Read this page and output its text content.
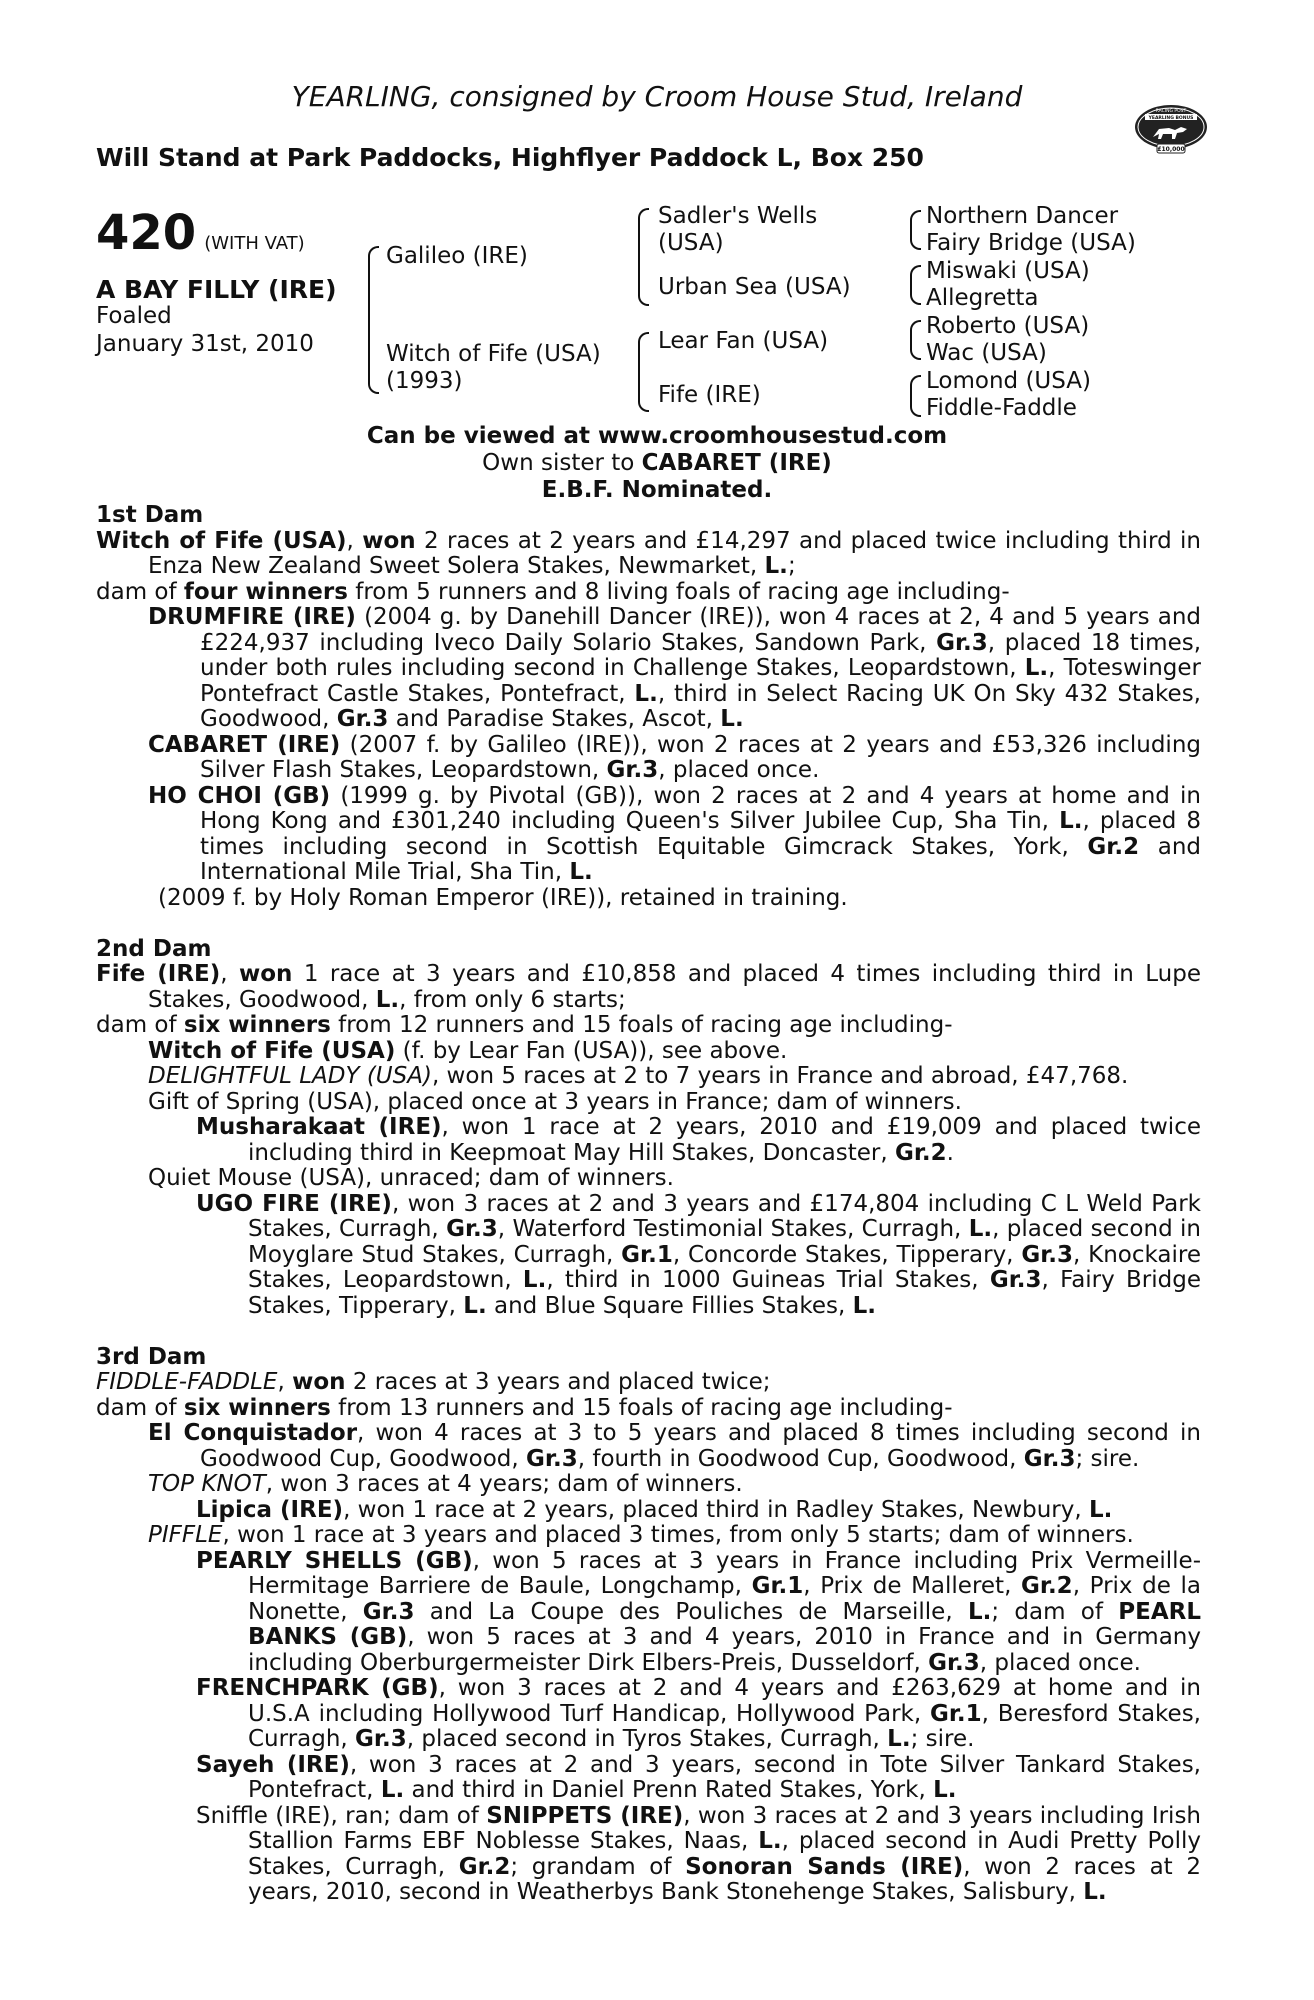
YEARLING, consigned by Croom House Stud, Ireland
Will Stand at Park Paddocks, Highflyer Paddock L, Box 250
RACING POST
YEARLING BONUS
£10,000
420 (WITH VAT)
A BAY FILLY (IRE)
Foaled
January 31st, 2010
Galileo (IRE)
Witch of Fife (USA)
(1993)
Sadler's Wells
(USA)
Urban Sea (USA)
Lear Fan (USA)
Fife (IRE)
Northern Dancer
Fairy Bridge (USA)
Miswaki (USA)
Allegretta
Roberto (USA)
Wac (USA)
Lomond (USA)
Fiddle-Faddle
Can be viewed at www.croomhousestud.com
Own sister to CABARET (IRE)
E.B.F. Nominated.

1st Dam

Witch of Fife (USA), won 2 races at 2 years and £14,297 and placed twice including third in Enza New Zealand Sweet Solera Stakes, Newmarket, L.;

dam of four winners from 5 runners and 8 living foals of racing age including-

DRUMFIRE (IRE) (2004 g. by Danehill Dancer (IRE)), won 4 races at 2, 4 and 5 years and £224,937 including Iveco Daily Solario Stakes, Sandown Park, Gr.3, placed 18 times, under both rules including second in Challenge Stakes, Leopardstown, L., Toteswinger Pontefract Castle Stakes, Pontefract, L., third in Select Racing UK On Sky 432 Stakes, Goodwood, Gr.3 and Paradise Stakes, Ascot, L.

CABARET (IRE) (2007 f. by Galileo (IRE)), won 2 races at 2 years and £53,326 including Silver Flash Stakes, Leopardstown, Gr.3, placed once.

HO CHOI (GB) (1999 g. by Pivotal (GB)), won 2 races at 2 and 4 years at home and in Hong Kong and £301,240 including Queen's Silver Jubilee Cup, Sha Tin, L., placed 8 times including second in Scottish Equitable Gimcrack Stakes, York, Gr.2 and International Mile Trial, Sha Tin, L.

(2009 f. by Holy Roman Emperor (IRE)), retained in training.

2nd Dam

Fife (IRE), won 1 race at 3 years and £10,858 and placed 4 times including third in Lupe Stakes, Goodwood, L., from only 6 starts;

dam of six winners from 12 runners and 15 foals of racing age including-

Witch of Fife (USA) (f. by Lear Fan (USA)), see above.

DELIGHTFUL LADY (USA), won 5 races at 2 to 7 years in France and abroad, £47,768.

Gift of Spring (USA), placed once at 3 years in France; dam of winners.

Musharakaat (IRE), won 1 race at 2 years, 2010 and £19,009 and placed twice including third in Keepmoat May Hill Stakes, Doncaster, Gr.2.

Quiet Mouse (USA), unraced; dam of winners.

UGO FIRE (IRE), won 3 races at 2 and 3 years and £174,804 including C L Weld Park Stakes, Curragh, Gr.3, Waterford Testimonial Stakes, Curragh, L., placed second in Moyglare Stud Stakes, Curragh, Gr.1, Concorde Stakes, Tipperary, Gr.3, Knockaire Stakes, Leopardstown, L., third in 1000 Guineas Trial Stakes, Gr.3, Fairy Bridge Stakes, Tipperary, L. and Blue Square Fillies Stakes, L.

3rd Dam

FIDDLE-FADDLE, won 2 races at 3 years and placed twice;

dam of six winners from 13 runners and 15 foals of racing age including-

El Conquistador, won 4 races at 3 to 5 years and placed 8 times including second in Goodwood Cup, Goodwood, Gr.3, fourth in Goodwood Cup, Goodwood, Gr.3; sire.

TOP KNOT, won 3 races at 4 years; dam of winners.

Lipica (IRE), won 1 race at 2 years, placed third in Radley Stakes, Newbury, L.

PIFFLE, won 1 race at 3 years and placed 3 times, from only 5 starts; dam of winners.

PEARLY SHELLS (GB), won 5 races at 3 years in France including Prix Vermeille-Hermitage Barriere de Baule, Longchamp, Gr.1, Prix de Malleret, Gr.2, Prix de la Nonette, Gr.3 and La Coupe des Pouliches de Marseille, L.; dam of PEARL BANKS (GB), won 5 races at 3 and 4 years, 2010 in France and in Germany including Oberburgermeister Dirk Elbers-Preis, Dusseldorf, Gr.3, placed once.

FRENCHPARK (GB), won 3 races at 2 and 4 years and £263,629 at home and in U.S.A including Hollywood Turf Handicap, Hollywood Park, Gr.1, Beresford Stakes, Curragh, Gr.3, placed second in Tyros Stakes, Curragh, L.; sire.

Sayeh (IRE), won 3 races at 2 and 3 years, second in Tote Silver Tankard Stakes, Pontefract, L. and third in Daniel Prenn Rated Stakes, York, L.

Sniffle (IRE), ran; dam of SNIPPETS (IRE), won 3 races at 2 and 3 years including Irish Stallion Farms EBF Noblesse Stakes, Naas, L., placed second in Audi Pretty Polly Stakes, Curragh, Gr.2; grandam of Sonoran Sands (IRE), won 2 races at 2 years, 2010, second in Weatherbys Bank Stonehenge Stakes, Salisbury, L.
